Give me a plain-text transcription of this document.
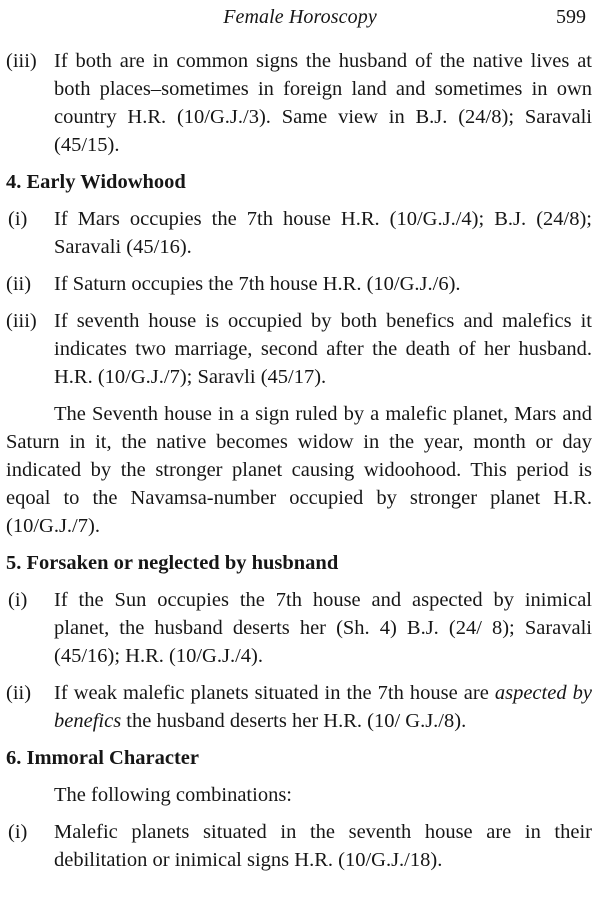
Female Horoscopy	599
(iii) If both are in common signs the husband of the native lives at both places–sometimes in foreign land and sometimes in own country H.R. (10/G.J./3). Same view in B.J. (24/8); Saravali (45/15).
4. Early Widowhood
(i) If Mars occupies the 7th house H.R. (10/G.J./4); B.J. (24/8); Saravali (45/16).
(ii) If Saturn occupies the 7th house H.R. (10/G.J./6).
(iii) If seventh house is occupied by both benefics and malefics it indicates two marriage, second after the death of her husband. H.R. (10/G.J./7); Saravli (45/17).
The Seventh house in a sign ruled by a malefic planet, Mars and Saturn in it, the native becomes widow in the year, month or day indicated by the stronger planet causing widoohood. This period is eqoal to the Navamsa-number occupied by stronger planet H.R. (10/G.J./7).
5. Forsaken or neglected by husbnand
(i) If the Sun occupies the 7th house and aspected by inimical planet, the husband deserts her (Sh. 4) B.J. (24/ 8); Saravali (45/16); H.R. (10/G.J./4).
(ii) If weak malefic planets situated in the 7th house are aspected by benefics the husband deserts her H.R. (10/ G.J./8).
6. Immoral Character
The following combinations:
(i) Malefic planets situated in the seventh house are in their debilitation or inimical signs H.R. (10/G.J./18).
